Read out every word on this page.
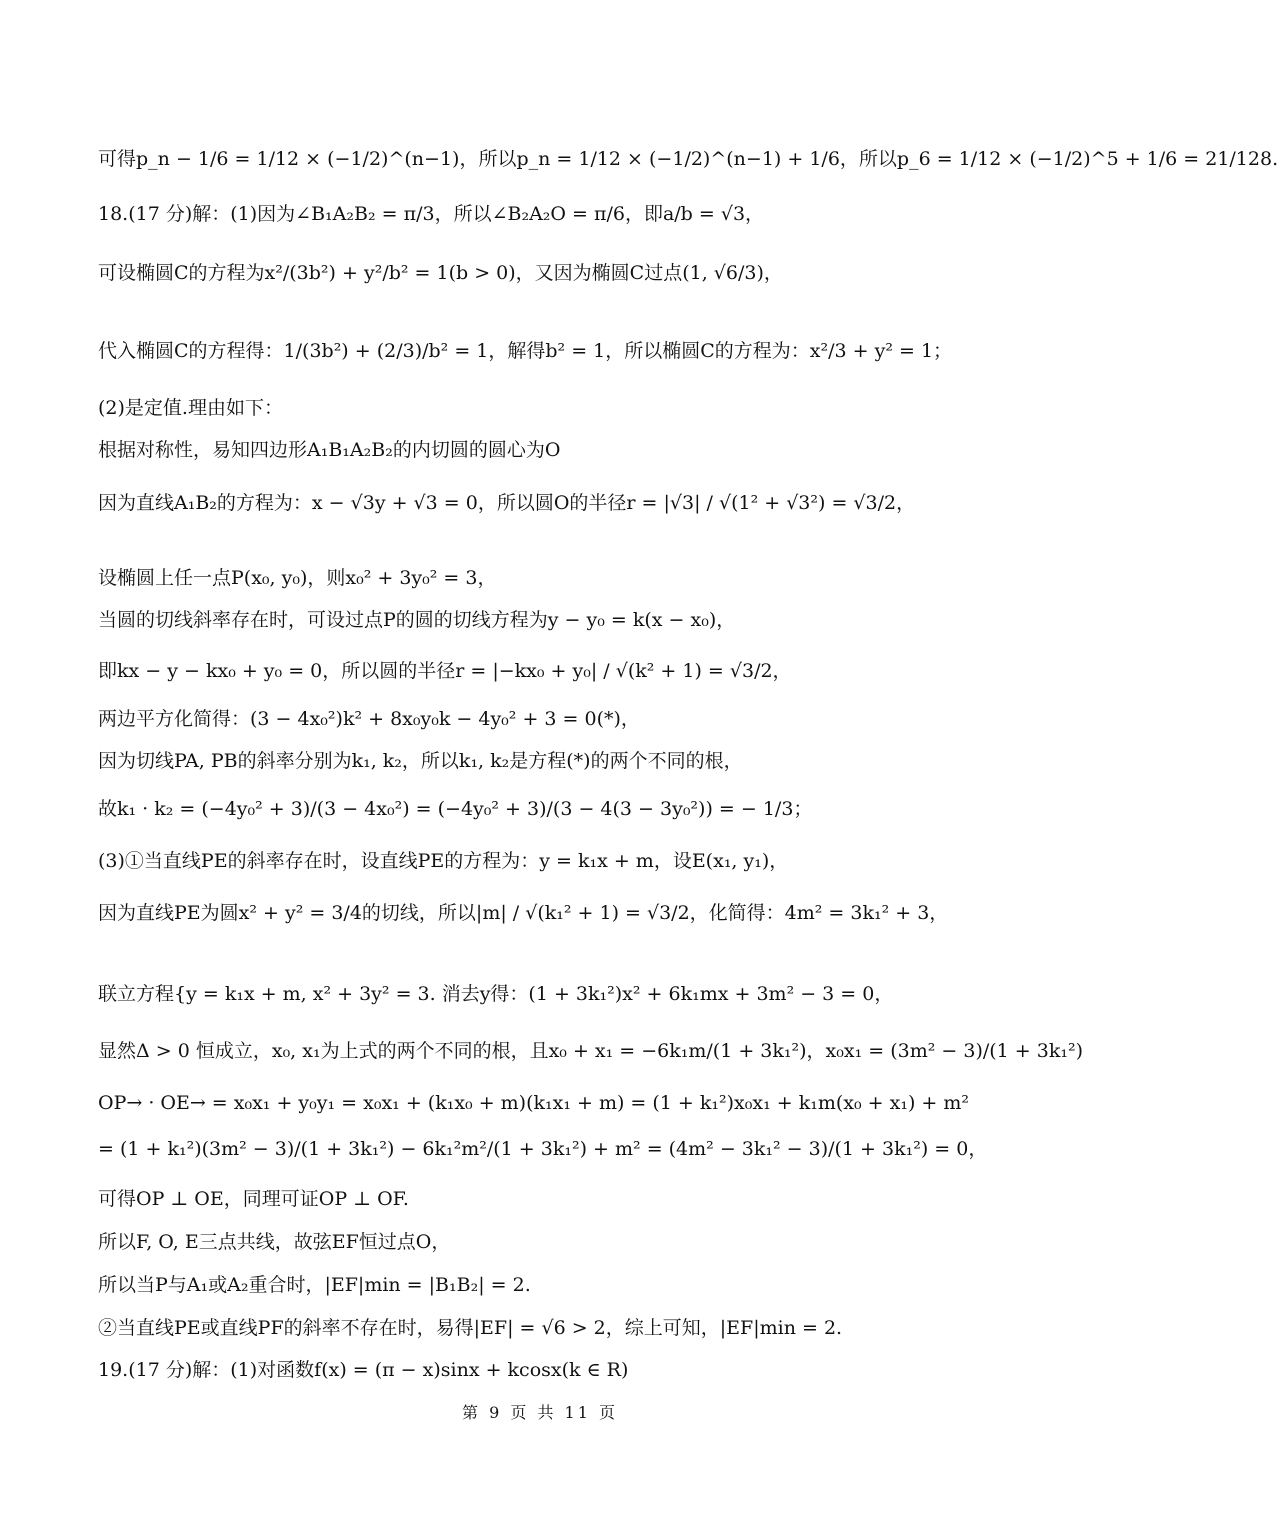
可得p_n − 1/6 = 1/12 × (−1/2)^(n−1)，所以p_n = 1/12 × (−1/2)^(n−1) + 1/6，所以p_6 = 1/12 × (−1/2)^5 + 1/6 = 21/128.
18.(17 分)解：(1)因为∠B₁A₂B₂ = π/3，所以∠B₂A₂O = π/6，即a/b = √3，
可设椭圆C的方程为x²/(3b²) + y²/b² = 1(b > 0)，又因为椭圆C过点(1, √6/3)，
代入椭圆C的方程得：1/(3b²) + (2/3)/b² = 1，解得b² = 1，所以椭圆C的方程为：x²/3 + y² = 1；
(2)是定值.理由如下：
根据对称性，易知四边形A₁B₁A₂B₂的内切圆的圆心为O
因为直线A₁B₂的方程为：x − √3y + √3 = 0，所以圆O的半径r = |√3| / √(1² + √3²) = √3/2，
设椭圆上任一点P(x₀, y₀)，则x₀² + 3y₀² = 3，
当圆的切线斜率存在时，可设过点P的圆的切线方程为y − y₀ = k(x − x₀)，
即kx − y − kx₀ + y₀ = 0，所以圆的半径r = |−kx₀ + y₀| / √(k² + 1) = √3/2，
两边平方化简得：(3 − 4x₀²)k² + 8x₀y₀k − 4y₀² + 3 = 0(*)，
因为切线PA, PB的斜率分别为k₁, k₂，所以k₁, k₂是方程(*)的两个不同的根，
故k₁ · k₂ = (−4y₀² + 3)/(3 − 4x₀²) = (−4y₀² + 3)/(3 − 4(3 − 3y₀²)) = − 1/3；
(3)①当直线PE的斜率存在时，设直线PE的方程为：y = k₁x + m，设E(x₁, y₁)，
因为直线PE为圆x² + y² = 3/4的切线，所以|m| / √(k₁² + 1) = √3/2，化简得：4m² = 3k₁² + 3，
联立方程{y = k₁x + m, x² + 3y² = 3. 消去y得：(1 + 3k₁²)x² + 6k₁mx + 3m² − 3 = 0，
显然Δ > 0 恒成立，x₀, x₁为上式的两个不同的根，且x₀ + x₁ = −6k₁m/(1 + 3k₁²)，x₀x₁ = (3m² − 3)/(1 + 3k₁²)
OP→ · OE→ = x₀x₁ + y₀y₁ = x₀x₁ + (k₁x₀ + m)(k₁x₁ + m) = (1 + k₁²)x₀x₁ + k₁m(x₀ + x₁) + m²
= (1 + k₁²)(3m² − 3)/(1 + 3k₁²) − 6k₁²m²/(1 + 3k₁²) + m² = (4m² − 3k₁² − 3)/(1 + 3k₁²) = 0，
可得OP ⊥ OE，同理可证OP ⊥ OF.
所以F, O, E三点共线，故弦EF恒过点O，
所以当P与A₁或A₂重合时，|EF|min = |B₁B₂| = 2.
②当直线PE或直线PF的斜率不存在时，易得|EF| = √6 > 2，综上可知，|EF|min = 2.
19.(17 分)解：(1)对函数f(x) = (π − x)sinx + kcosx(k ∈ R)
第 9 页 共 11 页
